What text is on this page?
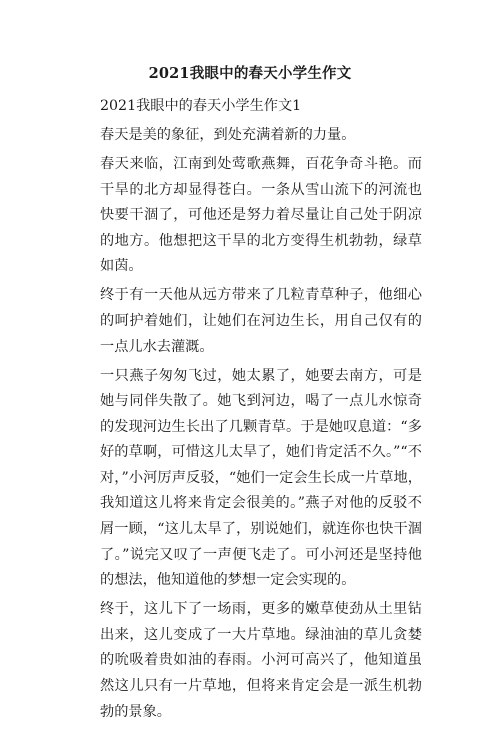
2021我眼中的春天小学生作文

2021我眼中的春天小学生作文1

春天是美的象征，到处充满着新的力量。

春天来临，江南到处莺歌燕舞，百花争奇斗艳。而干旱的北方却显得苍白。一条从雪山流下的河流也快要干涸了，可他还是努力着尽量让自己处于阴凉的地方。他想把这干旱的北方变得生机勃勃，绿草如茵。

终于有一天他从远方带来了几粒青草种子，他细心的呵护着她们，让她们在河边生长，用自己仅有的一点儿水去灌溉。

一只燕子匆匆飞过，她太累了，她要去南方，可是她与同伴失散了。她飞到河边，喝了一点儿水惊奇的发现河边生长出了几颗青草。于是她叹息道：“多好的草啊，可惜这儿太旱了，她们肯定活不久。”“不对，”小河厉声反驳，“她们一定会生长成一片草地，我知道这儿将来肯定会很美的。”燕子对他的反驳不屑一顾，“这儿太旱了，别说她们，就连你也快干涸了。”说完又叹了一声便飞走了。可小河还是坚持他的想法，他知道他的梦想一定会实现的。

终于，这儿下了一场雨，更多的嫩草使劲从土里钻出来，这儿变成了一大片草地。绿油油的草儿贪婪的吮吸着贵如油的春雨。小河可高兴了，他知道虽然这儿只有一片草地，但将来肯定会是一派生机勃勃的景象。
